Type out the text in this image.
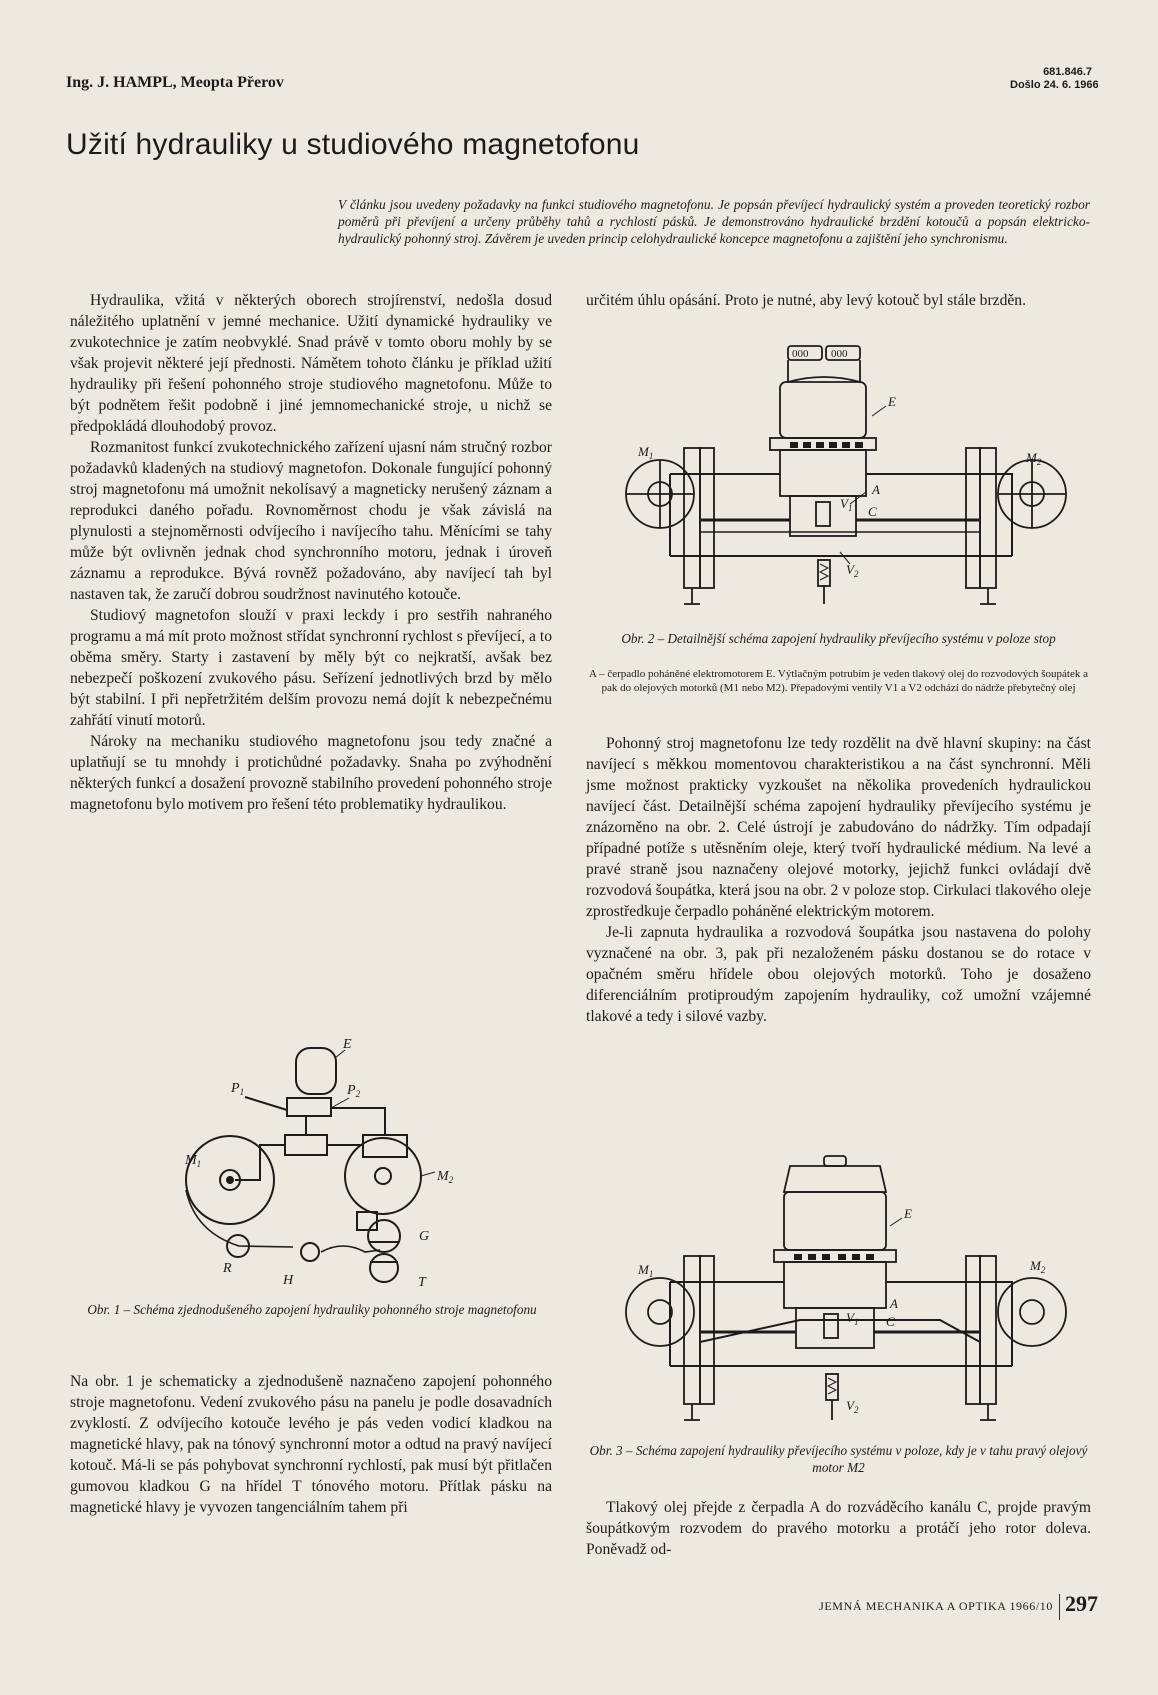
Ing. J. HAMPL, Meopta Přerov
681.846.7
Došlo 24. 6. 1966
Užití hydrauliky u studiového magnetofonu

V článku jsou uvedeny požadavky na funkci studiového magnetofonu. Je popsán převíjecí hydraulický systém a proveden teoretický rozbor poměrů při převíjení a určeny průběhy tahů a rychlostí pásků. Je demonstrováno hydraulické brzdění kotoučů a popsán elektricko-hydraulický pohonný stroj. Závěrem je uveden princip celohydraulické koncepce magnetofonu a zajištění jeho synchronismu.

Hydraulika, vžitá v některých oborech strojírenství, nedošla dosud náležitého uplatnění v jemné mechanice. Užití dynamické hydrauliky ve zvukotechnice je zatím neobvyklé. Snad právě v tomto oboru mohly by se však projevit některé její přednosti. Námětem tohoto článku je příklad užití hydrauliky při řešení pohonného stroje studiového magnetofonu. Může to být podnětem řešit podobně i jiné jemnomechanické stroje, u nichž se předpokládá dlouhodobý provoz.

Rozmanitost funkcí zvukotechnického zařízení ujasní nám stručný rozbor požadavků kladených na studiový magnetofon. Dokonale fungující pohonný stroj magnetofonu má umožnit nekolísavý a magneticky nerušený záznam a reprodukci daného pořadu. Rovnoměrnost chodu je však závislá na plynulosti a stejnoměrnosti odvíjecího i navíjecího tahu. Měnícími se tahy může být ovlivněn jednak chod synchronního motoru, jednak i úroveň záznamu a reprodukce. Bývá rovněž požadováno, aby navíjecí tah byl nastaven tak, že zaručí dobrou soudržnost navinutého kotouče.

Studiový magnetofon slouží v praxi leckdy i pro sestřih nahraného programu a má mít proto možnost střídat synchronní rychlost s převíjecí, a to oběma směry. Starty i zastavení by měly být co nejkratší, avšak bez nebezpečí poškození zvukového pásu. Seřízení jednotlivých brzd by mělo být stabilní. I při nepřetržitém delším provozu nemá dojít k nebezpečnému zahřátí vinutí motorů.

Nároky na mechaniku studiového magnetofonu jsou tedy značné a uplatňují se tu mnohdy i protichůdné požadavky. Snaha po zvýhodnění některých funkcí a dosažení provozně stabilního provedení pohonného stroje magnetofonu bylo motivem pro řešení této problematiky hydraulikou.

E
$P_1$	$P_2$
$M_1$
$M_2$
R
H	T
G
Obr. 1 – Schéma zjednodušeného zapojení hydrauliky pohonného stroje magnetofonu

Na obr. 1 je schematicky a zjednodušeně naznačeno zapojení pohonného stroje magnetofonu. Vedení zvukového pásu na panelu je podle dosavadních zvyklostí. Z odvíjecího kotouče levého je pás veden vodicí kladkou na magnetické hlavy, pak na tónový synchronní motor a odtud na pravý navíjecí kotouč. Má-li se pás pohybovat synchronní rychlostí, pak musí být přitlačen gumovou kladkou G na hřídel T tónového motoru. Přítlak pásku na magnetické hlavy je vyvozen tangenciálním tahem při

určitém úhlu opásání. Proto je nutné, aby levý kotouč byl stále brzděn.

000 000
E
A
C
$V_1$
$V_2$
$M_1$	$M_2$
Obr. 2 – Detailnější schéma zapojení hydrauliky převíjecího systému v poloze stop
A – čerpadlo poháněné elektromotorem E. Výtlačným potrubím je veden tlakový olej do rozvodových šoupátek a pak do olejových motorků (M1 nebo M2). Přepadovými ventily V1 a V2 odchází do nádrže přebytečný olej

Pohonný stroj magnetofonu lze tedy rozdělit na dvě hlavní skupiny: na část navíjecí s měkkou momentovou charakteristikou a na část synchronní. Měli jsme možnost prakticky vyzkoušet na několika provedeních hydraulickou navíjecí část. Detailnější schéma zapojení hydrauliky převíjecího systému je znázorněno na obr. 2. Celé ústrojí je zabudováno do nádržky. Tím odpadají případné potíže s utěsněním oleje, který tvoří hydraulické médium. Na levé a pravé straně jsou naznačeny olejové motorky, jejichž funkci ovládají dvě rozvodová šoupátka, která jsou na obr. 2 v poloze stop. Cirkulaci tlakového oleje zprostředkuje čerpadlo poháněné elektrickým motorem.

Je-li zapnuta hydraulika a rozvodová šoupátka jsou nastavena do polohy vyznačené na obr. 3, pak při nezaloženém pásku dostanou se do rotace v opačném směru hřídele obou olejových motorků. Toho je dosaženo diferenciálním protiproudým zapojením hydrauliky, což umožní vzájemné tlakové a tedy i silové vazby.

E
A
C
$V_1$
$V_2$
$M_1$
$M_2$
Obr. 3 – Schéma zapojení hydrauliky převíjecího systému v poloze, kdy je v tahu pravý olejový motor M2

Tlakový olej přejde z čerpadla A do rozváděcího kanálu C, projde pravým šoupátkovým rozvodem do pravého motorku a protáčí jeho rotor doleva. Poněvadž od-

JEMNÁ MECHANIKA A OPTIKA 1966/10 297
